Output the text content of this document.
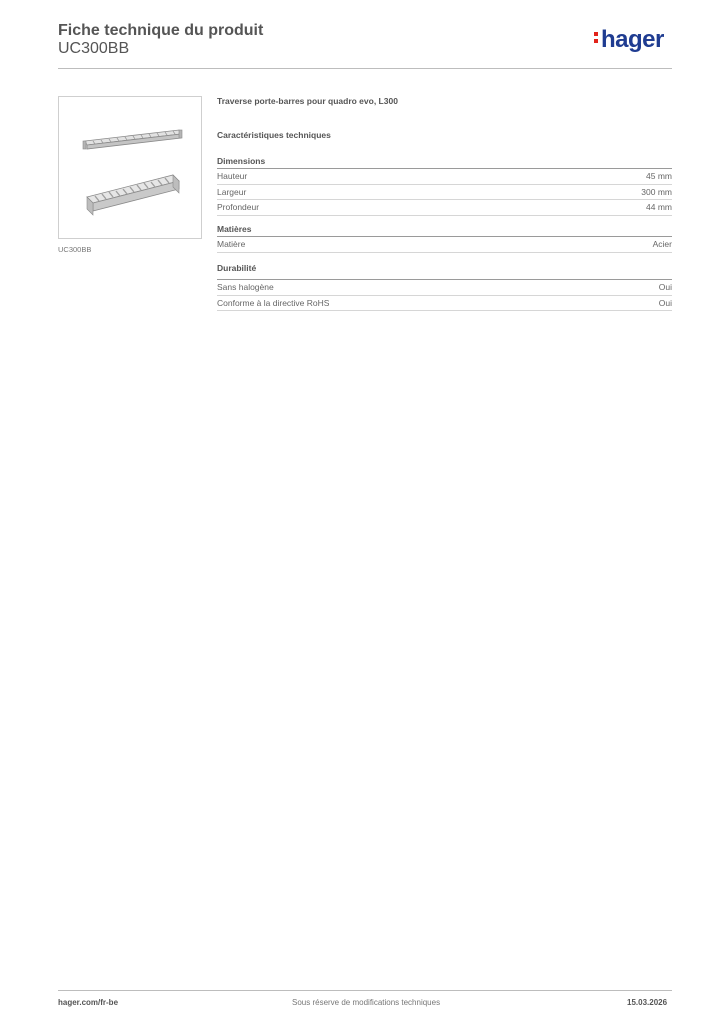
Fiche technique du produit
UC300BB	hager
UC300BB
Traverse porte-barres pour quadro evo, L300
Caractéristiques techniques
Dimensions
Hauteur	45 mm
Largeur	300 mm
Profondeur	44 mm
Matières
Matière	Acier
Durabilité
Sans halogène	Oui
Conforme à la directive RoHS	Oui
hager.com/fr-be	Sous réserve de modifications techniques	15.03.2026
